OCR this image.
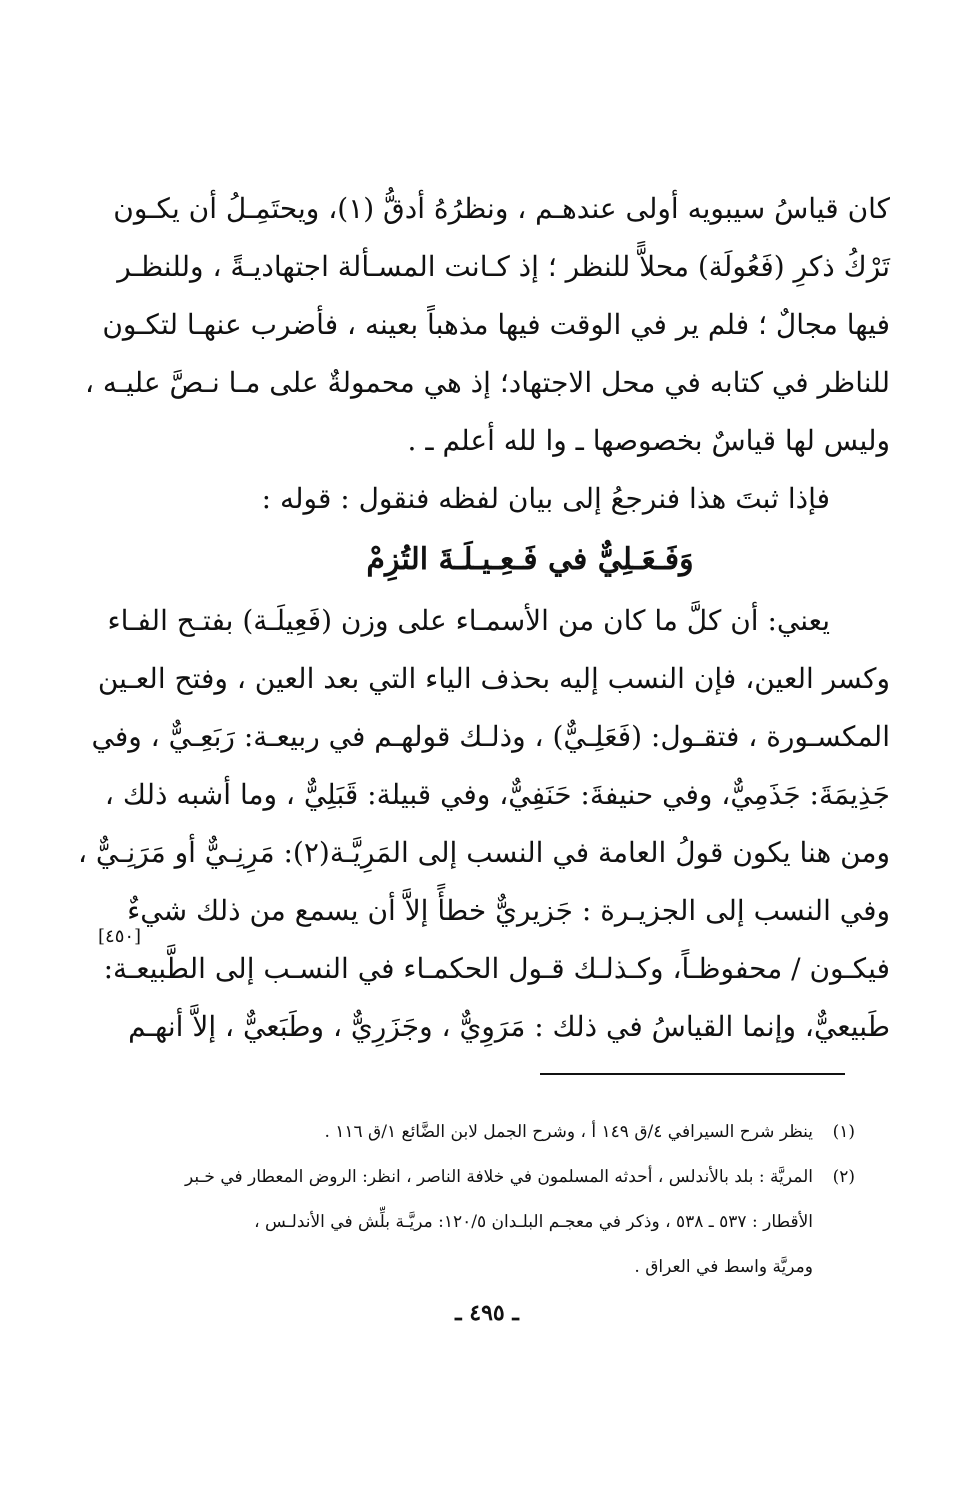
كان قياسُ سيبويه أولى عندهـم ، ونظرُهُ أدقُّ (١)، ويحتَمِـلُ أن يكـون
تَرْكُ ذكرِ (فَعُولَة) محلاًّ للنظر ؛ إذ كـانت المسـألة اجتهاديـةً ، وللنظـر
فيها مجالٌ ؛ فلم ير في الوقت فيها مذهباً بعينه ، فأضرب عنهـا لتكـون
للناظر في كتابه في محل الاجتهاد؛ إذ هي محمولةٌ على مـا نـصَّ عليـه ،
وليس لها قياسٌ بخصوصها ـ وا لله أعلم ـ .
فإذا ثبتَ هذا فنرجعُ إلى بيان لفظه فنقول : قوله :
وَفَـعَـلِيٌّ في فَـعِـيـلَـةَ التُزِمْ
يعني: أن كلَّ ما كان من الأسمـاء على وزن (فَعِيلَـة) بفتـح الفـاء
وكسر العين، فإن النسب إليه بحذف الياء التي بعد العين ، وفتح العـين
المكسـورة ، فتقـول: (فَعَلِـيٌّ) ، وذلـك قولهـم في ربيعـة: رَبَعِـيٌّ ، وفي
جَذِيمَةَ: جَذَمِيٌّ، وفي حنيفةَ: حَنَفِيٌّ، وفي قبيلة: قَبَلِيٌّ ، وما أشبه ذلك ،
ومن هنا يكون قولُ العامة في النسب إلى المَرِيَّـة(٢): مَرِنِـيٌّ أو مَرَنِـيٌّ ،
وفي النسب إلى الجزيـرة : جَزيريٌّ خطأً إلاَّ أن يسمع من ذلك شيءٌ
فيكـون / محفوظـاً، وكـذلـك قـول الحكمـاء في النسـب إلى الطَّبيعـة:
طَبيعيٌّ، وإنما القياسُ في ذلك : مَرَوِيٌّ ، وجَزَرِيٌّ ، وطَبَعيٌّ ، إلاَّ أنهـم
[٤٥٠]
(١)
ينظر شرح السيرافي ٤/ق ١٤٩ أ ، وشرح الجمل لابن الضَّائع ١/ق ١١٦ .
(٢)
المريَّة : بلد بالأندلس ، أحدثه المسلمون في خلافة الناصر ، انظر: الروض المعطار في خـبر
الأقطار : ٥٣٧ ـ ٥٣٨ ، وذكر في معجـم البلـدان ١٢٠/٥: مريَّـة بلِّش في الأندلـس ،
ومريَّة واسط في العراق .
ـ ٤٩٥ ـ
